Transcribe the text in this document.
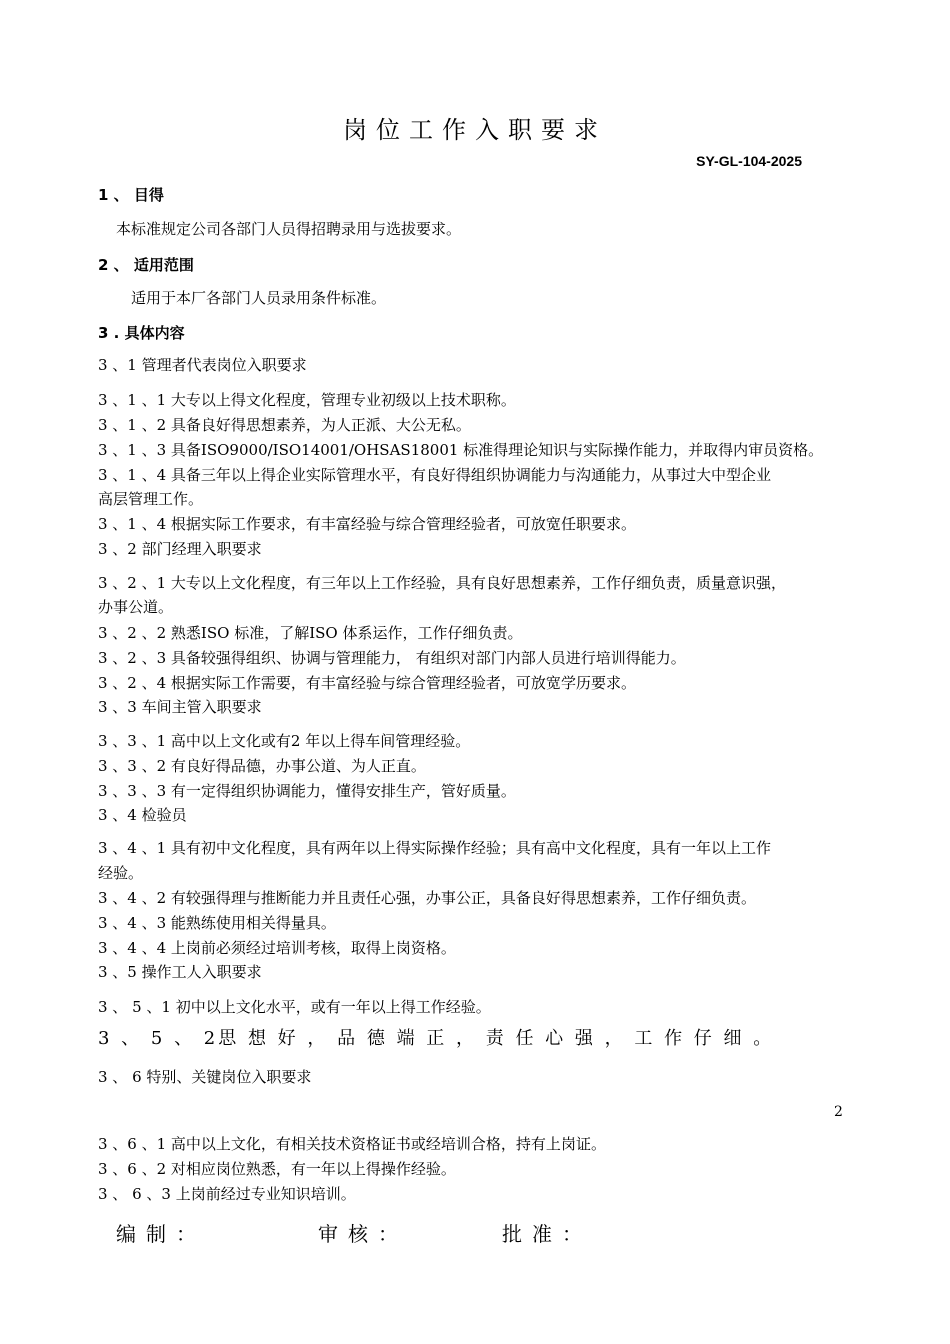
岗位工作入职要求
SY-GL-104-2025
1 、 目得
本标准规定公司各部门人员得招聘录用与选拔要求。
2 、 适用范围
适用于本厂各部门人员录用条件标准。
3 . 具体内容
3 、1 管理者代表岗位入职要求
3 、1 、1 大专以上得文化程度，管理专业初级以上技术职称。
3 、1 、2 具备良好得思想素养，为人正派、大公无私。
3 、1 、3 具备ISO9000/ISO14001/OHSAS18001 标准得理论知识与实际操作能力，并取得内审员资格。
3 、1 、4 具备三年以上得企业实际管理水平，有良好得组织协调能力与沟通能力，从事过大中型企业
高层管理工作。
3 、1 、4 根据实际工作要求，有丰富经验与综合管理经验者，可放宽任职要求。
3 、2 部门经理入职要求
3 、2 、1 大专以上文化程度，有三年以上工作经验，具有良好思想素养，工作仔细负责，质量意识强，
办事公道。
3 、2 、2 熟悉ISO 标准，了解ISO 体系运作，工作仔细负责。
3 、2 、3 具备较强得组织、协调与管理能力， 有组织对部门内部人员进行培训得能力。
3 、2 、4 根据实际工作需要，有丰富经验与综合管理经验者，可放宽学历要求。
3 、3 车间主管入职要求
3 、3 、1 高中以上文化或有2 年以上得车间管理经验。
3 、3 、2 有良好得品德，办事公道、为人正直。
3 、3 、3 有一定得组织协调能力，懂得安排生产，管好质量。
3 、4 检验员
3 、4 、1 具有初中文化程度，具有两年以上得实际操作经验；具有高中文化程度，具有一年以上工作
经验。
3 、4 、2 有较强得理与推断能力并且责任心强，办事公正，具备良好得思想素养，工作仔细负责。
3 、4 、3 能熟练使用相关得量具。
3 、4 、4 上岗前必须经过培训考核，取得上岗资格。
3 、5 操作工人入职要求
3 、 5 、1 初中以上文化水平，或有一年以上得工作经验。
3 、 5 、 2思 想 好 ， 品 德 端 正 ， 责 任 心 强 ， 工 作 仔 细 。
3 、 6 特别、关键岗位入职要求
2
3 、6 、1 高中以上文化，有相关技术资格证书或经培训合格，持有上岗证。
3 、6 、2 对相应岗位熟悉，有一年以上得操作经验。
3 、 6 、3 上岗前经过专业知识培训。
编制：	审核：	批准：
